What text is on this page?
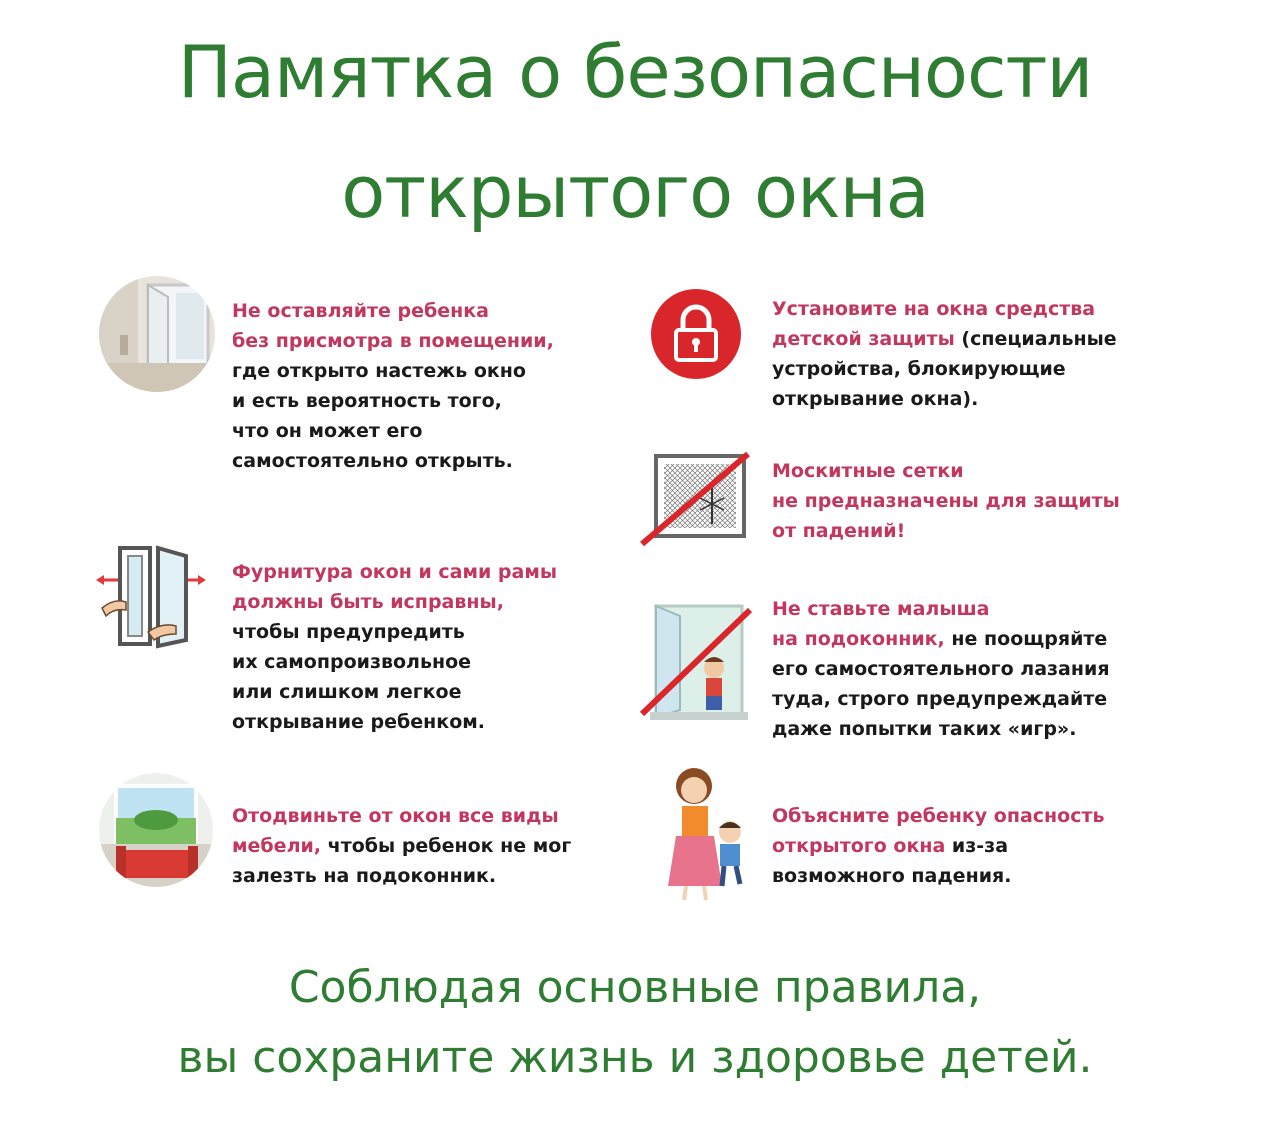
Памятка о безопасности
открытого окна
Не оставляйте ребенка
без присмотра в помещении,
где открыто настежь окно
и есть вероятность того,
что он может его
самостоятельно открыть.
Фурнитура окон и сами рамы
должны быть исправны,
чтобы предупредить
их самопроизвольное
или слишком легкое
открывание ребенком.
Отодвиньте от окон все виды
мебели, чтобы ребенок не мог
залезть на подоконник.
Установите на окна средства
детской защиты (специальные
устройства, блокирующие
открывание окна).
Москитные сетки
не предназначены для защиты
от падений!
Не ставьте малыша
на подоконник, не поощряйте
его самостоятельного лазания
туда, строго предупреждайте
даже попытки таких «игр».
Объясните ребенку опасность
открытого окна из-за
возможного падения.
Соблюдая основные правила,
вы сохраните жизнь и здоровье детей.
